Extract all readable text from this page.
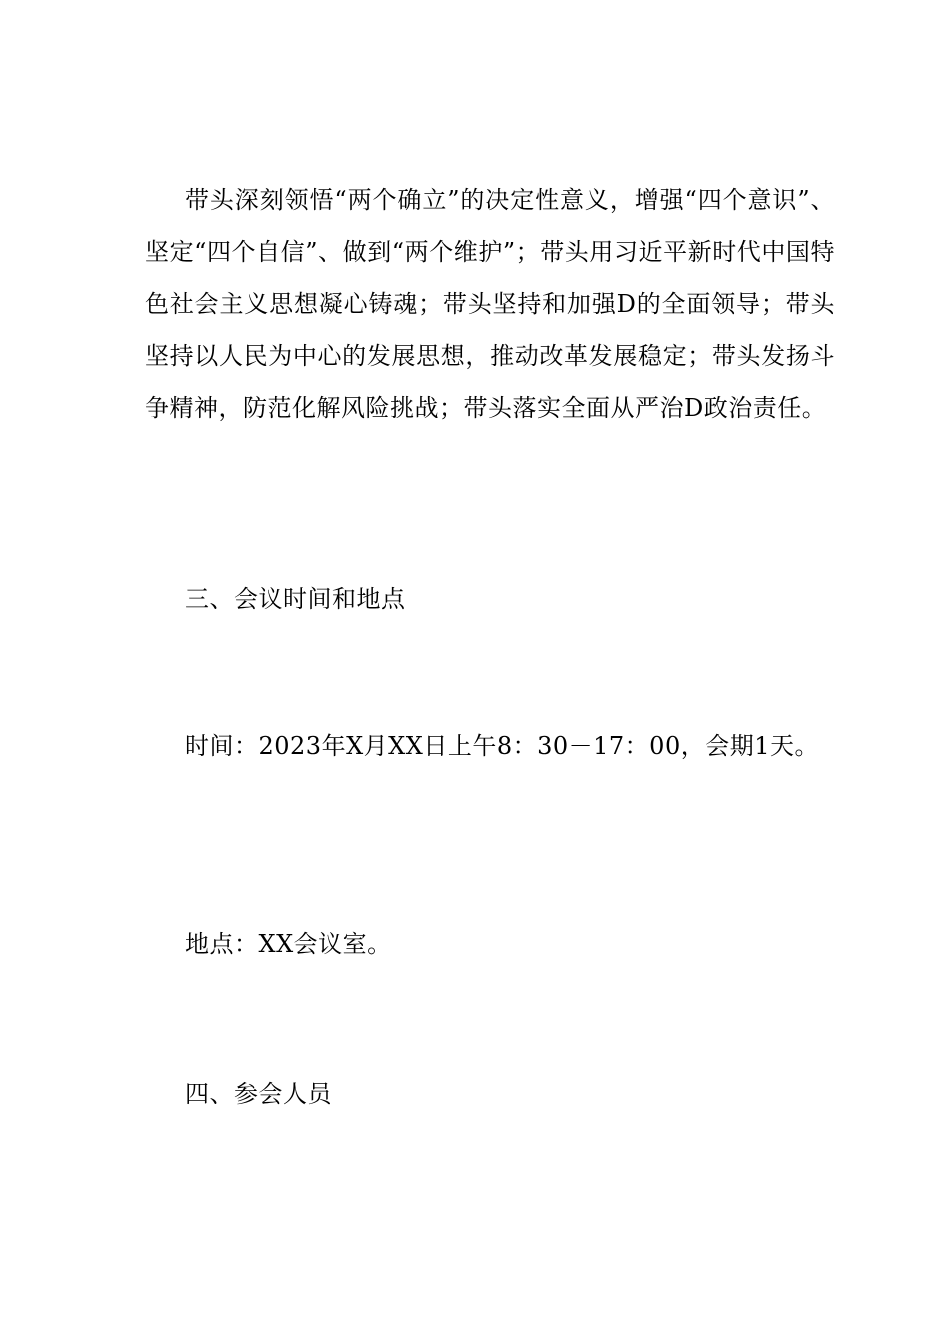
带头深刻领悟“两个确立”的决定性意义，增强“四个意识”、坚定“四个自信”、做到“两个维护”；带头用习近平新时代中国特色社会主义思想凝心铸魂；带头坚持和加强D的全面领导；带头坚持以人民为中心的发展思想，推动改革发展稳定；带头发扬斗争精神，防范化解风险挑战；带头落实全面从严治D政治责任。

三、会议时间和地点

时间：2023年X月XX日上午8：30－17：00，会期1天。

地点：XX会议室。

四、参会人员
